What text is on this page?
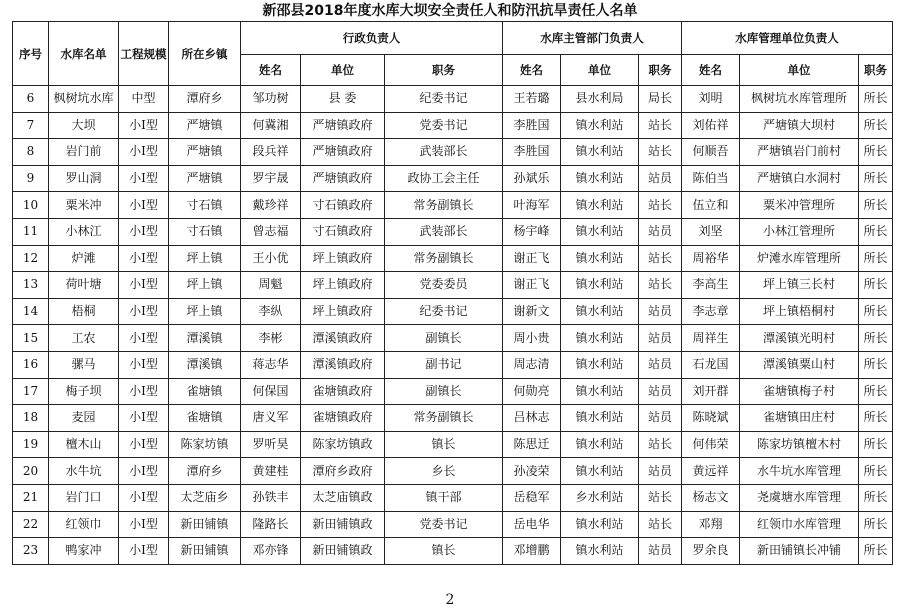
新邵县2018年度水库大坝安全责任人和防汛抗旱责任人名单
序号	水库名单	工程规模	所在乡镇	行政负责人			水库主管部门负责人			水库管理单位负责人		
				姓名	单位	职务	姓名	单位	职务	姓名	单位	职务
6	枫树坑水库	中型	潭府乡	邹功树	县 委	纪委书记	王若璐	县水利局	局长	刘明	枫树坑水库管理所	所长
7	大坝	小Ⅰ型	严塘镇	何冀湘	严塘镇政府	党委书记	李胜国	镇水利站	站长	刘佑祥	严塘镇大坝村	所长
8	岩门前	小Ⅰ型	严塘镇	段兵祥	严塘镇政府	武装部长	李胜国	镇水利站	站长	何顺吾	严塘镇岩门前村	所长
9	罗山洞	小Ⅰ型	严塘镇	罗宇晟	严塘镇政府	政协工会主任	孙斌乐	镇水利站	站员	陈伯当	严塘镇白水洞村	所长
10	粟米冲	小Ⅰ型	寸石镇	戴珍祥	寸石镇政府	常务副镇长	叶海军	镇水利站	站长	伍立和	粟米冲管理所	所长
11	小林江	小Ⅰ型	寸石镇	曾志福	寸石镇政府	武装部长	杨宇峰	镇水利站	站员	刘坚	小林江管理所	所长
12	炉滩	小Ⅰ型	坪上镇	王小优	坪上镇政府	常务副镇长	谢正飞	镇水利站	站长	周裕华	炉滩水库管理所	所长
13	荷叶塘	小Ⅰ型	坪上镇	周魁	坪上镇政府	党委委员	谢正飞	镇水利站	站长	李高生	坪上镇三长村	所长
14	梧桐	小Ⅰ型	坪上镇	李纵	坪上镇政府	纪委书记	谢新文	镇水利站	站员	李志章	坪上镇梧桐村	所长
15	工农	小Ⅰ型	潭溪镇	李彬	潭溪镇政府	副镇长	周小贵	镇水利站	站员	周祥生	潭溪镇光明村	所长
16	骡马	小Ⅰ型	潭溪镇	蒋志华	潭溪镇政府	副书记	周志清	镇水利站	站员	石龙国	潭溪镇粟山村	所长
17	梅子坝	小Ⅰ型	雀塘镇	何保国	雀塘镇政府	副镇长	何勋亮	镇水利站	站员	刘开群	雀塘镇梅子村	所长
18	麦园	小Ⅰ型	雀塘镇	唐义军	雀塘镇政府	常务副镇长	吕林志	镇水利站	站员	陈晓斌	雀塘镇田庄村	所长
19	檀木山	小Ⅰ型	陈家坊镇	罗听昊	陈家坊镇政	镇长	陈思迁	镇水利站	站长	何伟荣	陈家坊镇檀木村	所长
20	水牛坑	小Ⅰ型	潭府乡	黄建桂	潭府乡政府	乡长	孙凌荣	镇水利站	站员	黄远祥	水牛坑水库管理	所长
21	岩门口	小Ⅰ型	太芝庙乡	孙铁丰	太芝庙镇政	镇干部	岳稳军	乡水利站	站长	杨志文	尧虞塘水库管理	所长
22	红领巾	小Ⅰ型	新田铺镇	隆路长	新田铺镇政	党委书记	岳电华	镇水利站	站长	邓翔	红领巾水库管理	所长
23	鸭家冲	小Ⅰ型	新田铺镇	邓亦锋	新田铺镇政	镇长	邓增鹏	镇水利站	站员	罗余良	新田铺镇长冲铺	所长
2
